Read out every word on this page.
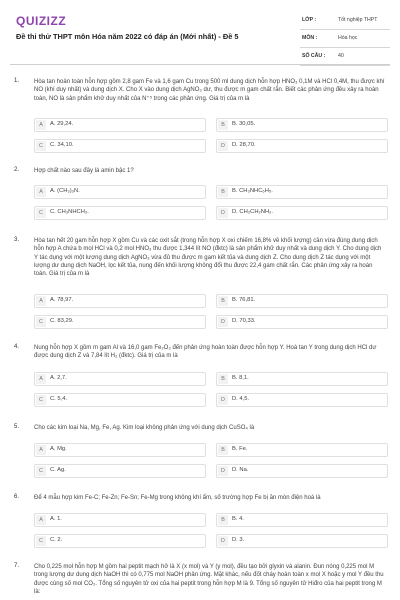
QUIZIZZ
Đề thi thử THPT môn Hóa năm 2022 có đáp án (Mới nhất) - Đề 5
LỚP :	Tốt nghiệp THPT
MÔN :	Hóa học
SỐ CÂU : 40
1. Hòa tan hoàn toàn hỗn hợp gồm 2,8 gam Fe và 1,6 gam Cu trong 500 ml dung dịch hỗn hợp HNO₃ 0,1M và HCl 0,4M, thu được khí NO (khí duy nhất) và dung dịch X. Cho X vào dung dịch AgNO₃ dư, thu được m gam chất rắn. Biết các phản ứng đều xảy ra hoàn toàn, NO là sản phẩm khử duy nhất của N⁺⁵ trong các phản ứng. Giá trị của m là
A	A. 29,24.	B	B. 30,05.
C	C. 34,10.	D	D. 28,70.
2. Hợp chất nào sau đây là amin bậc 1?
A	A. (CH₃)₃N.	B	B. CH₃NHC₆H₅.
C	C. CH₃NHCH₃.	D	D. CH₃CH₂NH₂.
3. Hòa tan hết 20 gam hỗn hợp X gồm Cu và các oxit sắt (trong hỗn hợp X oxi chiếm 16,8% về khối lượng) cần vừa đúng dung dịch hỗn hợp A chứa b mol HCl và 0,2 mol HNO₃ thu được 1,344 lít NO (đktc) là sản phẩm khử duy nhất và dung dịch Y. Cho dung dịch Y tác dụng với một lượng dung dịch AgNO₃ vừa đủ thu được m gam kết tủa và dung dịch Z. Cho dung dịch Z tác dụng với một lượng dư dung dịch NaOH, lọc kết tủa, nung đến khối lượng không đổi thu được 22,4 gam chất rắn. Các phản ứng xảy ra hoàn toàn. Giá trị của m là
A	A. 78,97.	B	B. 76,81.
C	C. 83,29.	D	D. 70,33.
4. Nung hỗn hợp X gồm m gam Al và 16,0 gam Fe₂O₃ đến phản ứng hoàn toàn được hỗn hợp Y. Hoà tan Y trong dung dịch HCl dư được dung dịch Z và 7,84 lít H₂ (đktc). Giá trị của m là
A	A. 2,7.	B	B. 8,1.
C	C. 5,4.	D	D. 4,5.
5. Cho các kim loại Na, Mg, Fe, Ag. Kim loại không phản ứng với dung dịch CuSO₄ là
A	A. Mg.	B	B. Fe.
C	C. Ag.	D	D. Na.
6. Để 4 mẫu hợp kim Fe-C; Fe-Zn; Fe-Sn; Fe-Mg trong không khí ẩm, số trường hợp Fe bị ăn mòn điện hoá là
A	A. 1.	B	B. 4.
C	C. 2.	D	D. 3.
7. Cho 0,225 mol hỗn hợp M gồm hai peptit mạch hở là X (x mol) và Y (y mol), đều tạo bởi glyxin và alanin. Đun nóng 0,225 mol M trong lượng dư dung dịch NaOH thì có 0,775 mol NaOH phản ứng. Mặt khác, nếu đốt cháy hoàn toàn x mol X hoặc y mol Y đều thu được cùng số mol CO₂. Tổng số nguyên tử oxi của hai peptit trong hỗn hợp M là 9. Tổng số nguyên tử Hiđro của hai peptit trong M là:
